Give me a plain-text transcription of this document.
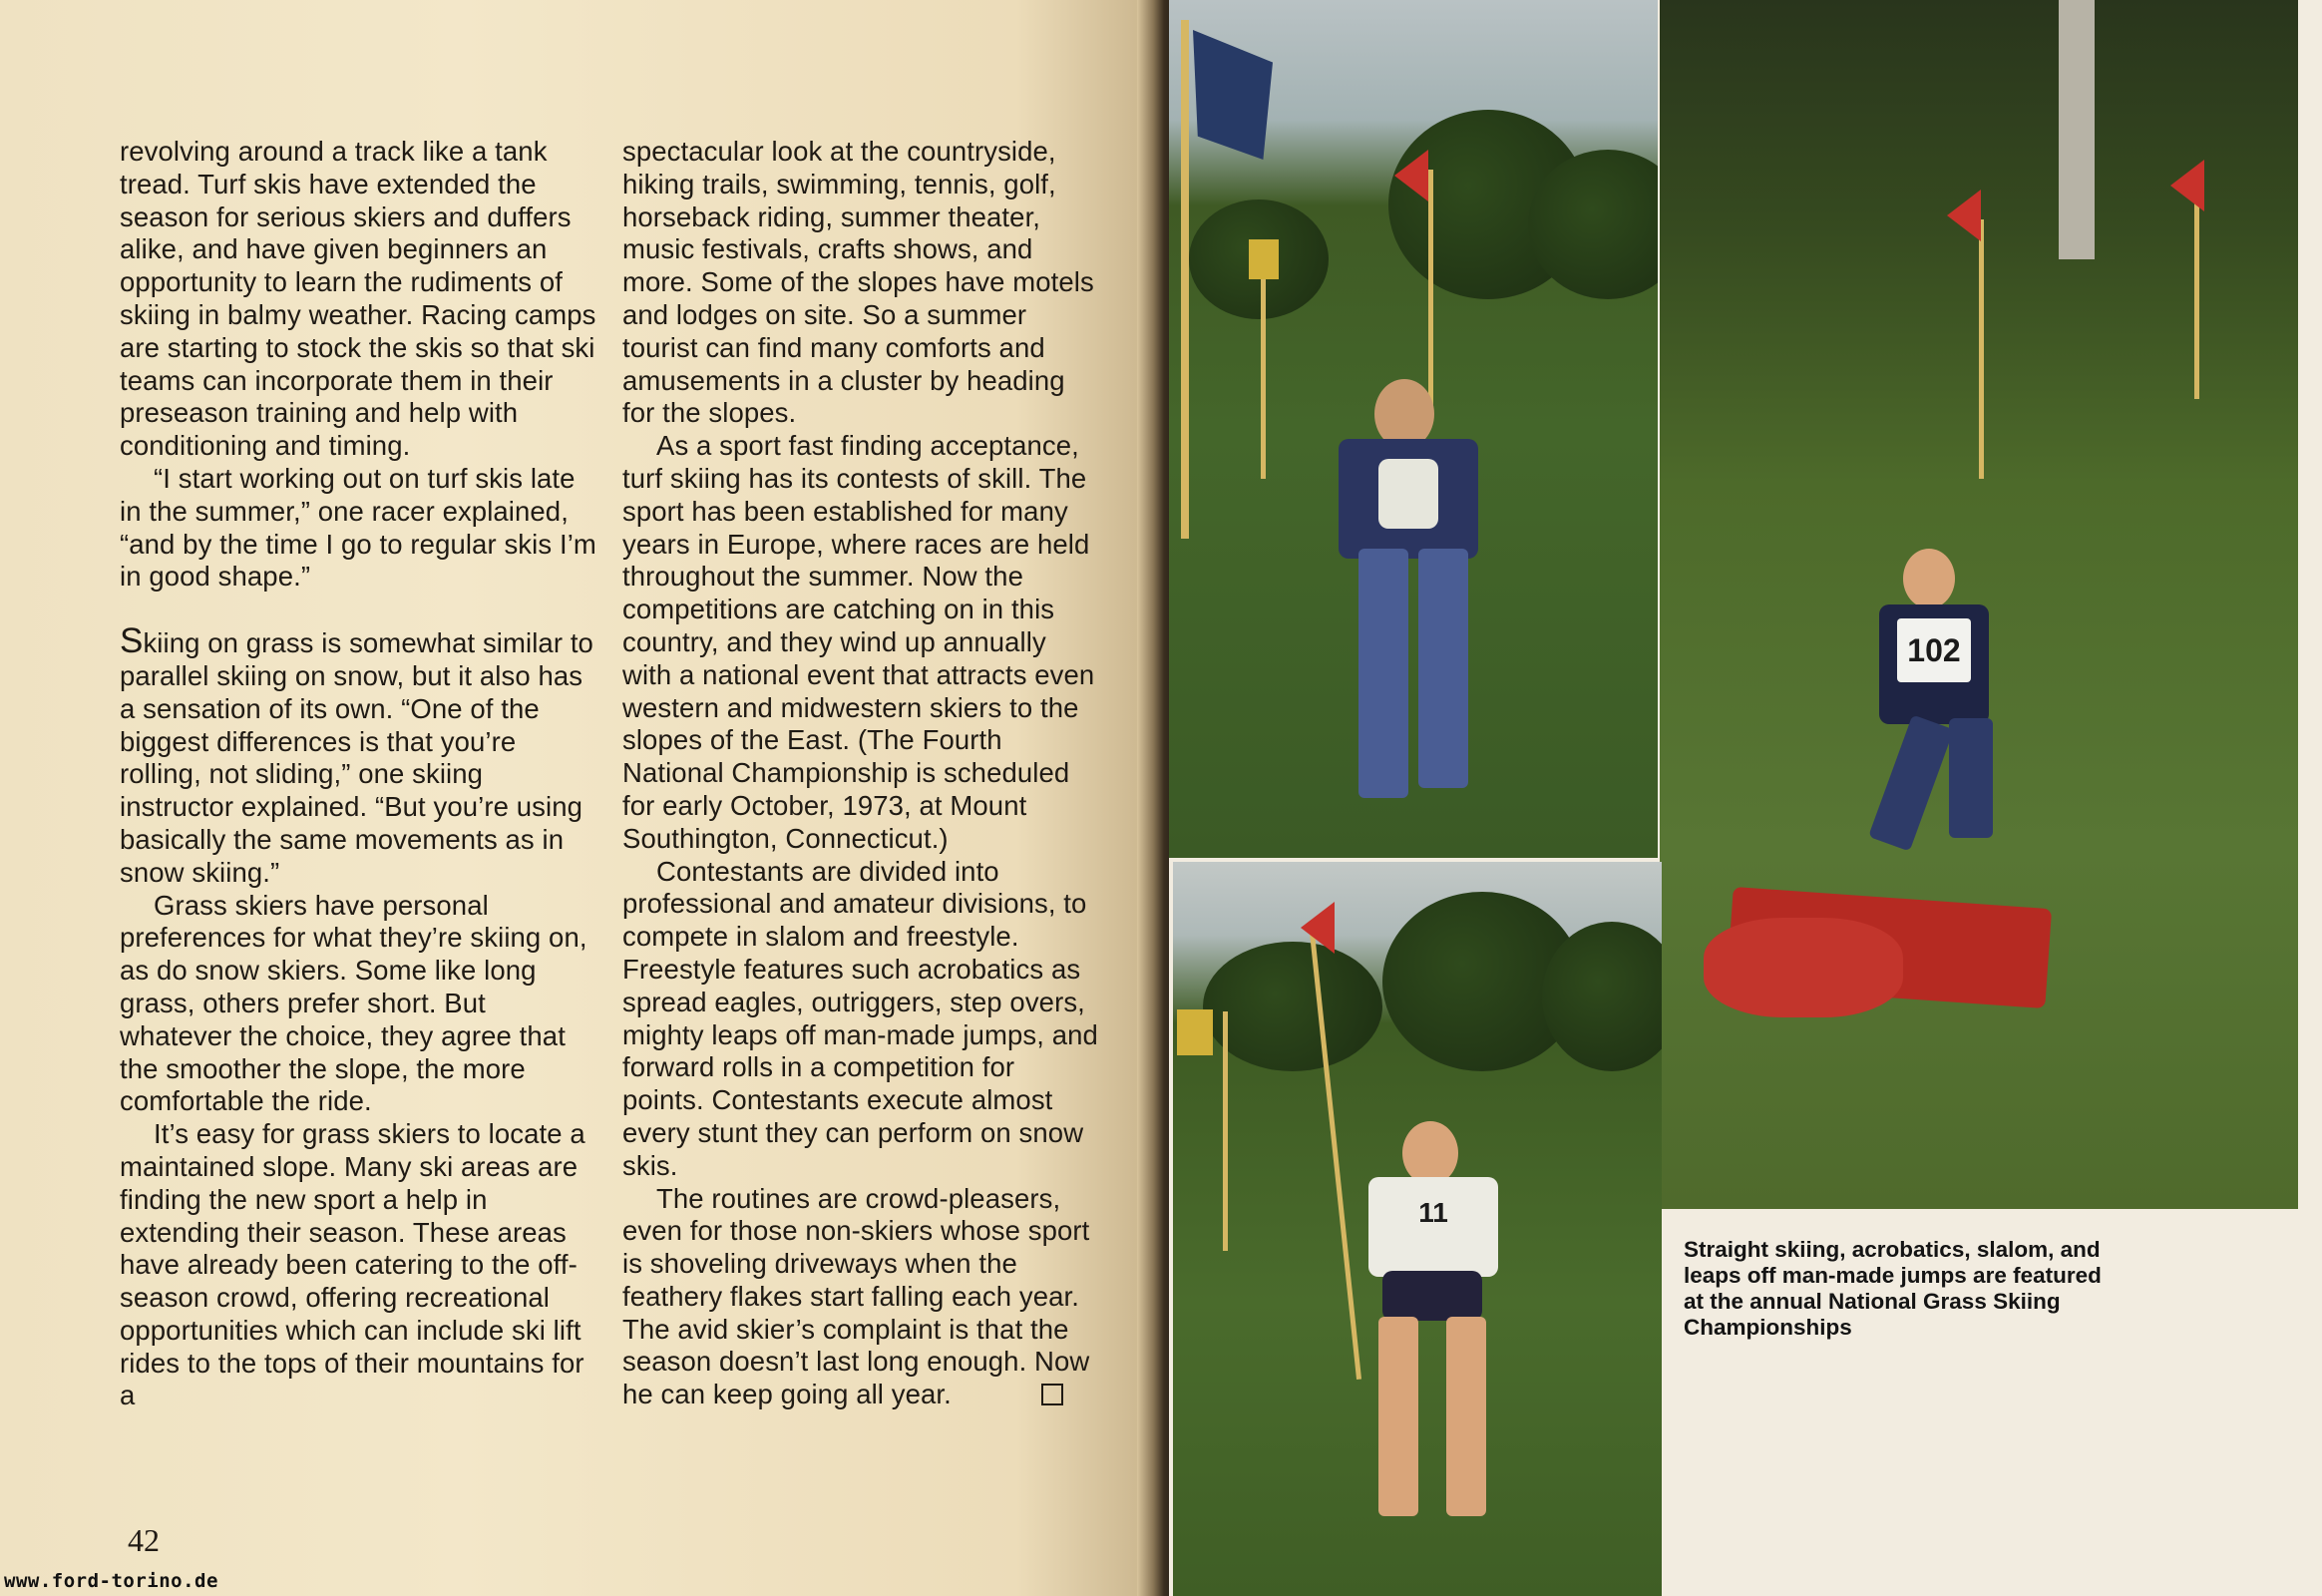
revolving around a track like a tank tread. Turf skis have extended the season for serious skiers and duffers alike, and have given beginners an opportunity to learn the rudiments of skiing in balmy weather. Racing camps are starting to stock the skis so that ski teams can incorporate them in their preseason training and help with conditioning and timing.

“I start working out on turf skis late in the summer,” one racer explained, “and by the time I go to regular skis I’m in good shape.”

Skiing on grass is somewhat similar to parallel skiing on snow, but it also has a sensation of its own. “One of the biggest differences is that you’re rolling, not sliding,” one skiing instructor explained. “But you’re using basically the same movements as in snow skiing.”

Grass skiers have personal preferences for what they’re skiing on, as do snow skiers. Some like long grass, others prefer short. But whatever the choice, they agree that the smoother the slope, the more comfortable the ride.

It’s easy for grass skiers to locate a maintained slope. Many ski areas are finding the new sport a help in extending their season. These areas have already been catering to the off-season crowd, offering recreational opportunities which can include ski lift rides to the tops of their mountains for a

spectacular look at the countryside, hiking trails, swimming, tennis, golf, horseback riding, summer theater, music festivals, crafts shows, and more. Some of the slopes have motels and lodges on site. So a summer tourist can find many comforts and amusements in a cluster by heading for the slopes.

As a sport fast finding acceptance, turf skiing has its contests of skill. The sport has been established for many years in Europe, where races are held throughout the summer. Now the competitions are catching on in this country, and they wind up annually with a national event that attracts even western and midwestern skiers to the slopes of the East. (The Fourth National Championship is scheduled for early October, 1973, at Mount Southington, Connecticut.)

Contestants are divided into professional and amateur divisions, to compete in slalom and freestyle. Freestyle features such acrobatics as spread eagles, outriggers, step overs, mighty leaps off man-made jumps, and forward rolls in a competition for points. Contestants execute almost every stunt they can perform on snow skis.

The routines are crowd-pleasers, even for those non-skiers whose sport is shoveling driveways when the feathery flakes start falling each year. The avid skier’s complaint is that the season doesn’t last long enough. Now he can keep going all year.

42
www.ford-torino.de
102
11
Straight skiing, acrobatics, slalom, and leaps off man-made jumps are featured at the annual National Grass Skiing Championships
